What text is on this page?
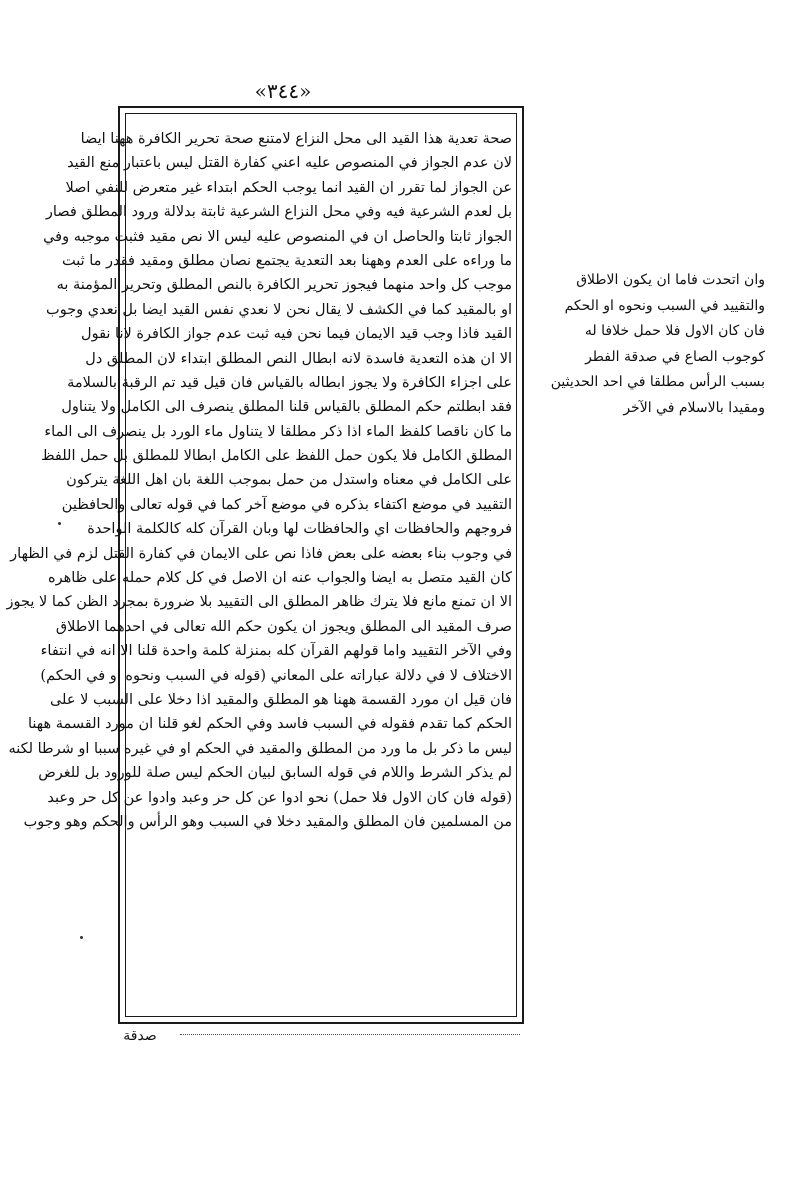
«٣٤٤»
صحة تعدية هذا القيد الى محل النزاع لامتنع صحة تحرير الكافرة ههنا ايضا
لان عدم الجواز في المنصوص عليه اعني كفارة القتل ليس باعتبار منع القيد
عن الجواز لما تقرر ان القيد انما يوجب الحكم ابتداء غير متعرض للنفي اصلا
بل لعدم الشرعية فيه وفي محل النزاع الشرعية ثابتة بدلالة ورود المطلق فصار
الجواز ثابتا والحاصل ان في المنصوص عليه ليس الا نص مقيد فثبت موجبه وفي
ما وراءه على العدم وههنا بعد التعدية يجتمع نصان مطلق ومقيد فقدر ما ثبت
موجب كل واحد منهما فيجوز تحرير الكافرة بالنص المطلق وتحرير المؤمنة به
او بالمقيد كما في الكشف لا يقال نحن لا نعدي نفس القيد ايضا بل نعدي وجوب
القيد فاذا وجب قيد الايمان فيما نحن فيه ثبت عدم جواز الكافرة لانا نقول
الا ان هذه التعدية فاسدة لانه ابطال النص المطلق ابتداء لان المطلق دل
على اجزاء الكافرة ولا يجوز ابطاله بالقياس فان قيل قيد تم الرقبة بالسلامة
فقد ابطلتم حكم المطلق بالقياس قلنا المطلق ينصرف الى الكامل ولا يتناول
ما كان ناقصا كلفظ الماء اذا ذكر مطلقا لا يتناول ماء الورد بل ينصرف الى الماء
المطلق الكامل فلا يكون حمل اللفظ على الكامل ابطالا للمطلق بل حمل اللفظ
على الكامل في معناه واستدل من حمل بموجب اللغة بان اهل اللغة يتركون
التقييد في موضع اكتفاء بذكره في موضع آخر كما في قوله تعالى والحافظين
فروجهم والحافظات اي والحافظات لها وبان القرآن كله كالكلمة الواحدة
في وجوب بناء بعضه على بعض فاذا نص على الايمان في كفارة القتل لزم في الظهار
كان القيد متصل به ايضا والجواب عنه ان الاصل في كل كلام حمله على ظاهره
الا ان تمنع مانع فلا يترك ظاهر المطلق الى التقييد بلا ضرورة بمجرد الظن كما لا يجوز
صرف المقيد الى المطلق ويجوز ان يكون حكم الله تعالى في احدهما الاطلاق
وفي الآخر التقييد واما قولهم القرآن كله بمنزلة كلمة واحدة قلنا الا انه في انتفاء
الاختلاف لا في دلالة عباراته على المعاني (قوله في السبب ونحوه او في الحكم)
فان قيل ان مورد القسمة ههنا هو المطلق والمقيد اذا دخلا على السبب لا على
الحكم كما تقدم فقوله في السبب فاسد وفي الحكم لغو قلنا ان مورد القسمة ههنا
ليس ما ذكر بل ما ورد من المطلق والمقيد في الحكم او في غيره سببا او شرطا لكنه
لم يذكر الشرط واللام في قوله السابق لبيان الحكم ليس صلة للورود بل للغرض
(قوله فان كان الاول فلا حمل) نحو ادوا عن كل حر وعبد وادوا عن كل حر وعبد
من المسلمين فان المطلق والمقيد دخلا في السبب وهو الرأس والحكم وهو وجوب
وان اتحدت فاما ان يكون الاطلاق
والتقييد في السبب ونحوه او الحكم
فان كان الاول فلا حمل خلافا له
كوجوب الصاع في صدقة الفطر
بسبب الرأس مطلقا في احد الحديثين
ومقيدا بالاسلام في الآخر
صدقة
